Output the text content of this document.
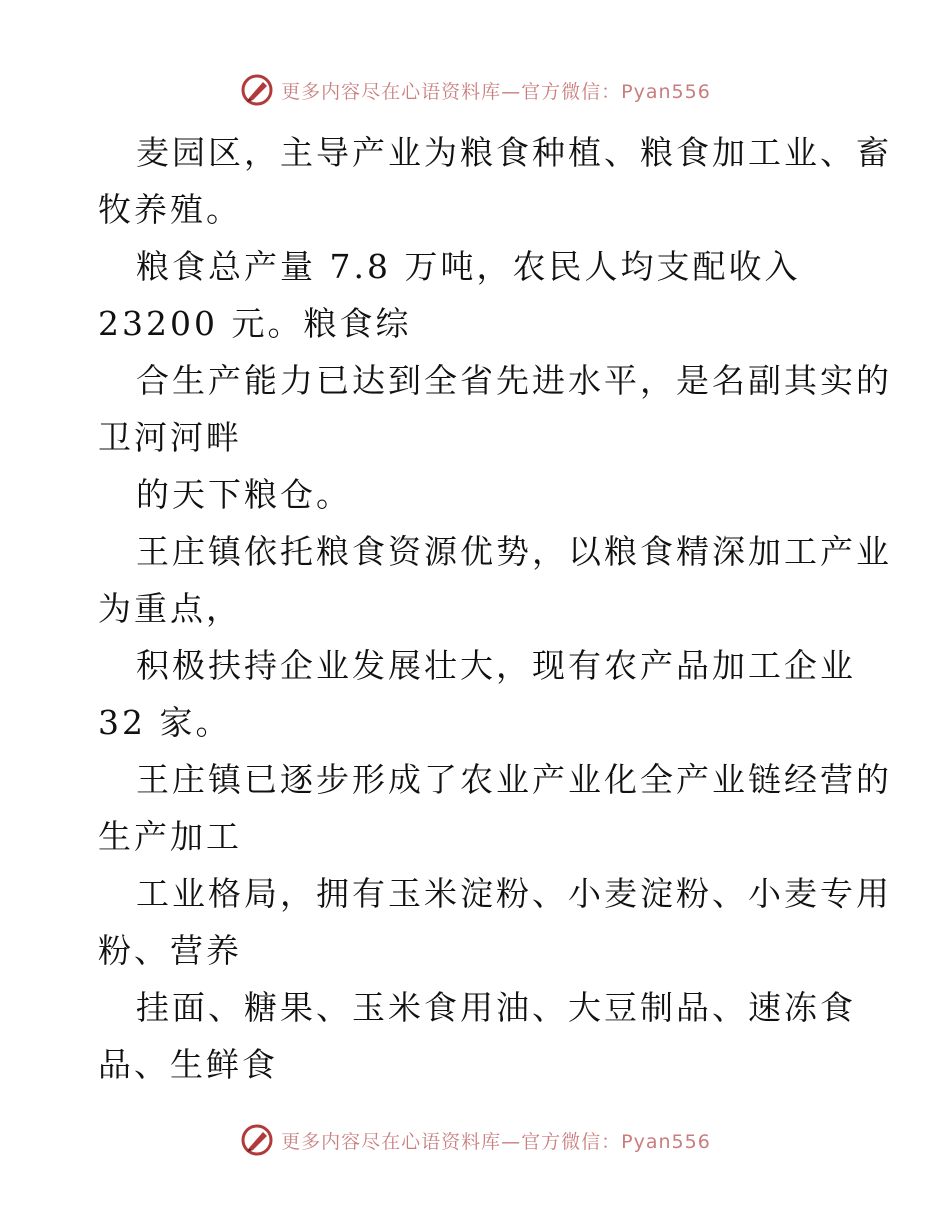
更多内容尽在心语资料库—官方微信：Pyan556
麦园区，主导产业为粮食种植、粮食加工业、畜
牧养殖。
粮食总产量 7.8 万吨，农民人均支配收入
23200 元。粮食综
合生产能力已达到全省先进水平，是名副其实的
卫河河畔
的天下粮仓。
王庄镇依托粮食资源优势，以粮食精深加工产业
为重点，
积极扶持企业发展壮大，现有农产品加工企业
32 家。
王庄镇已逐步形成了农业产业化全产业链经营的
生产加工
工业格局，拥有玉米淀粉、小麦淀粉、小麦专用
粉、营养
挂面、糖果、玉米食用油、大豆制品、速冻食
品、生鲜食
更多内容尽在心语资料库—官方微信：Pyan556
